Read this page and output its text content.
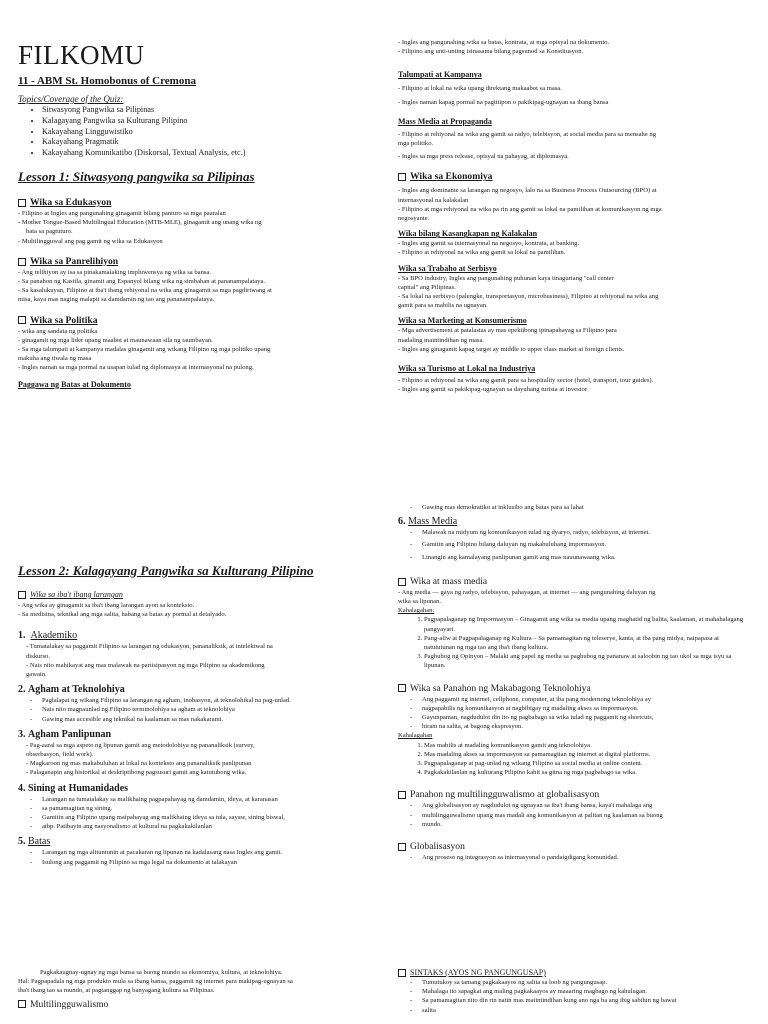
FILKOMU
11 - ABM St. Homobonus of Cremona
Topics/Coverage of the Quiz:
• Sitwasyong Pangwika sa Pilipinas
• Kalagayang Pangwika sa Kulturang Pilipino
• Kakayahang Lingguwistiko
• Kakayahang Pragmatik
• Kakayahang Komunikatibo (Diskorsal, Textual Analysis, etc.)
Lesson 1: Sitwasyong pangwika sa Pilipinas
Wika sa Edukasyon

- Filipino at Ingles ang pangunahing ginagamit bilang panturo sa mga paaralan

- Mother Tongue-Based Multilingual Education (MTB-MLE), ginagamit ang unang wika ng

bata sa pagtuturo.

- Multilingguwal ang pag gamit ng wika sa Edukasyon

Wika sa Panrelihiyon

- Ang relihiyon ay isa sa pinakamalaking impluwensya ng wika sa bansa.

- Sa panahon ng Kastila, ginamit ang Espanyol bilang wika ng simbahan at pananampalataya.

- Sa kasalukuyan, Filipino at iba't ibang rehiyonal na wika ang ginagamit sa mga pagdiriwang at

misa, kaya mas naging malapit sa damdamin ng tao ang pananampalataya.

Wika sa Politika

- wika ang sandata ng politika

- ginagamit ng mga lider upang maabot at maunawaan sila ng taumbayan.

- Sa mga talumpati at kampanya madalas ginagamit ang wikang Filipino ng mga politiko upang

makuha ang tiwala ng masa

- Ingles naman sa mga pormal na usapan tulad ng diplomasya at internasyonal na pulong.

Paggawa ng Batas at Dokumento

- Ingles ang pangunahing wika sa batas, kontrata, at mga opisyal na dokumento.

- Filipino ang unti-unting isinasama bilang pagsunod sa Konstitusyon.

Talumpati at Kampanya

- Filipino at lokal na wika upang direktang makaabot sa masa.

- Ingles naman kapag pormal na pagtitipon o pakikipag-ugnayan sa ibang bansa

Mass Media at Propaganda

- Filipino at rehiyonal na wika ang gamit sa radyo, telebisyon, at social media para sa mensahe ng

mga politiko.

- Ingles sa mga press release, opisyal na pahayag, at diplomasya.

Wika sa Ekonomiya

- Ingles ang dominante sa larangan ng negosyo, lalo na sa Business Process Outsourcing (BPO) at

internasyonal na kalakalan

- Filipino at mga rehiyonal na wika pa rin ang gamit sa lokal na pamilihan at komunikasyon ng mga

negosyante.

Wika bilang Kasangkapan ng Kalakalan

- Ingles ang gamit sa internasyonal na negosyo, kontrata, at banking.

- Filipino at rehiyonal na wika ang gamit sa lokal na pamilihan.

Wika sa Trabaho at Serbisyo

- Sa BPO industry, Ingles ang pangunahing puhunan kaya tinaguriang "call center

capital" ang Pilipinas.

- Sa lokal na serbisyo (palengke, transportasyon, microbusiness), Filipino at rehiyonal na wika ang

gamit para sa mabilis na ugnayan.

Wika sa Marketing at Konsumerismo

- Mga advertisement at patalastas ay mas epektibong ipinapahayag sa Filipino para

madaling maintindihan ng masa.

- Ingles ang ginagamit kapag target ay middle to upper class market at foreign clients.

Wika sa Turismo at Lokal na Industriya

- Filipino at rehiyonal na wika ang gamit para sa hospitality sector (hotel, transport, tour guides).

- Ingles ang gamit sa pakikipag-ugnayan sa dayuhang turista at investor

Lesson 2: Kalagayang Pangwika sa Kulturang Pilipino
Wika sa iba't ibang larangan

- Ang wika ay ginagamit sa iba't ibang larangan ayon sa konteksto.

- Sa medisina, teknikal ang mga salita, habang sa batas ay pormal at detalyado.

1. Akademiko

- Tumatalakay sa paggamit Filipino sa larangan ng edukasyon, pananaliksik, at intelektwal na

diskurso.

- Nais nito mahikayat ang mas malawak na partisipasyon ng mga Pilipino sa akademikong

gawain.

2. Agham at Teknolohiya
- Paglalapat ng wikang Filipino sa larangan ng agham, inobasyon, at teknolohikal na pag-unlad.
- Nais nito magpaunlad ng Filipino terminolohiya sa agham at teknolohiya
- Gawing mas accesible ang teknikal na kaalaman sa mas nakakarami.
3. Agham Panlipunan

- Pag-aaral sa mga aspeto ng lipunan gamit ang metodolohiya ng pananaliksik (survey,

obserbasyon, field work).

- Magkaroon ng mas makabuluhan at lokal na konteksto ang pananaliksik panlipunan

- Palaganapin ang historikal at deskriptibong pagsusuri gamit ang katutubong wika.

4. Sining at Humanidades
- Larangan na tumatalakay sa malikhaing pagpapahayag ng damdamin, ideya, at karanasan
- sa pamamagitan ng sining.
- Gamitin ang Filipino upang maipahayag ang malikhaing ideya sa tula, sayaw, sining biswal,
- atbp. Patibayin ang nasyonalismo at kultural na pagkakakilanlan
5. Batas
- Larangan ng mga alituntunin at pacakaran ng lipunan na kadalasang nasa Ingles ang gamit.
- Isulong ang paggamit ng Filipino sa mga legal na dokumento at talakayan

Pagkakaugnay-ugnay ng mga bansa sa buong mundo sa ekonomiya, kultura, at teknolohiya.

Hal: Pagpapadala ng mga produkto mula sa ibang bansa, paggamit ng internet para makipag-ugnayan sa

iba't ibang tao sa mundo, at pagtanggap ng banyagang kultura sa Pilipinas.

Multilingguwalismo
- Gawing mas demokratiko at inklusibo ang batas para sa lahat
6. Mass Media
- Malawak na midyum ng komunikasyon tulad ng dyaryo, radyo, telebisyon, at internet.
- Gamitin ang Filipino bilang daluyan ng makabuluhang impormasyon.
- Linangin ang kamalayang panlipunan gamit ang mas nauunawaang wika.
Wika at mass media

- Ang media — gaya ng radyo, telebisyon, pahayagan, at internet — ang pangunahing daluyan ng

wika sa lipunan.

Kahalagahan:

1. Pagpapalaganap ng Impormasyon – Ginagamit ang wika sa media upang maghatid ng balita, kaalaman, at mahahalagang pangyayari.
2. Pang-aliw at Pagpapalaganap ng Kultura – Sa pamamagitan ng teleserye, kanta, at iba pang midya, naipapasa at natututunan ng mga tao ang iba't ibang kultura.
3. Paghubog ng Opinyon – Malaki ang papel ng media sa paghubog ng pananaw at saloobin ng tao ukol sa mga isyu sa lipunan.
Wika sa Panahon ng Makabagong Teknolohiya
- Ang paggamit ng internet, cellphone, computer, at iba pang modernong teknolohiya ay
- nagpapabilis ng komunikasyon at nagbibigay ng madaling akses sa impormasyon.
- Gayunpaman, nagdudulot din ito ng pagbabago sa wika tulad ng paggamit ng shortcuts,
- hiram na salita, at bagong ekspresyon.

Kahalagahan

1. Mas mabilis at madaling komunikasyon gamit ang teknolohiya.
2. Mas madaling akses sa impormasyon sa pamamagitan ng internet at digital platforms.
3. Pagpapalaganap at pag-unlad ng wikang Filipino sa social media at online content.
4. Pagkakakilanlan ng kulturang Pilipino kahit sa gitna ng mga pagbabago sa wika.
Panahon ng multilingguwalismo at globalisasyon
- Ang globalisasyon ay nagdudulot ng ugnayan sa iba't ibang bansa, kaya't mahalaga ang
- multilingguwalismo upang mas madali ang komunikasyon at palitan ng kaalaman sa buong
- mundo.
Globalisasyon
- Ang proseso ng integrasyon sa internasyonal o pandaigdigang komunidad.
SINTAKS (AYOS NG PANGUNGUSAP)
- Tumutukoy sa tamang pagkakaayos ng salita sa loob ng pangungusap.
- Mahalaga ito sapagkat ang maling pagkakaayos ay maaaring magbago ng kahulugan.
- Sa pamamagitan nito din rin natin mas maiintindihan kung ano nga ba ang ibig sabihin ng bawat
- salita
